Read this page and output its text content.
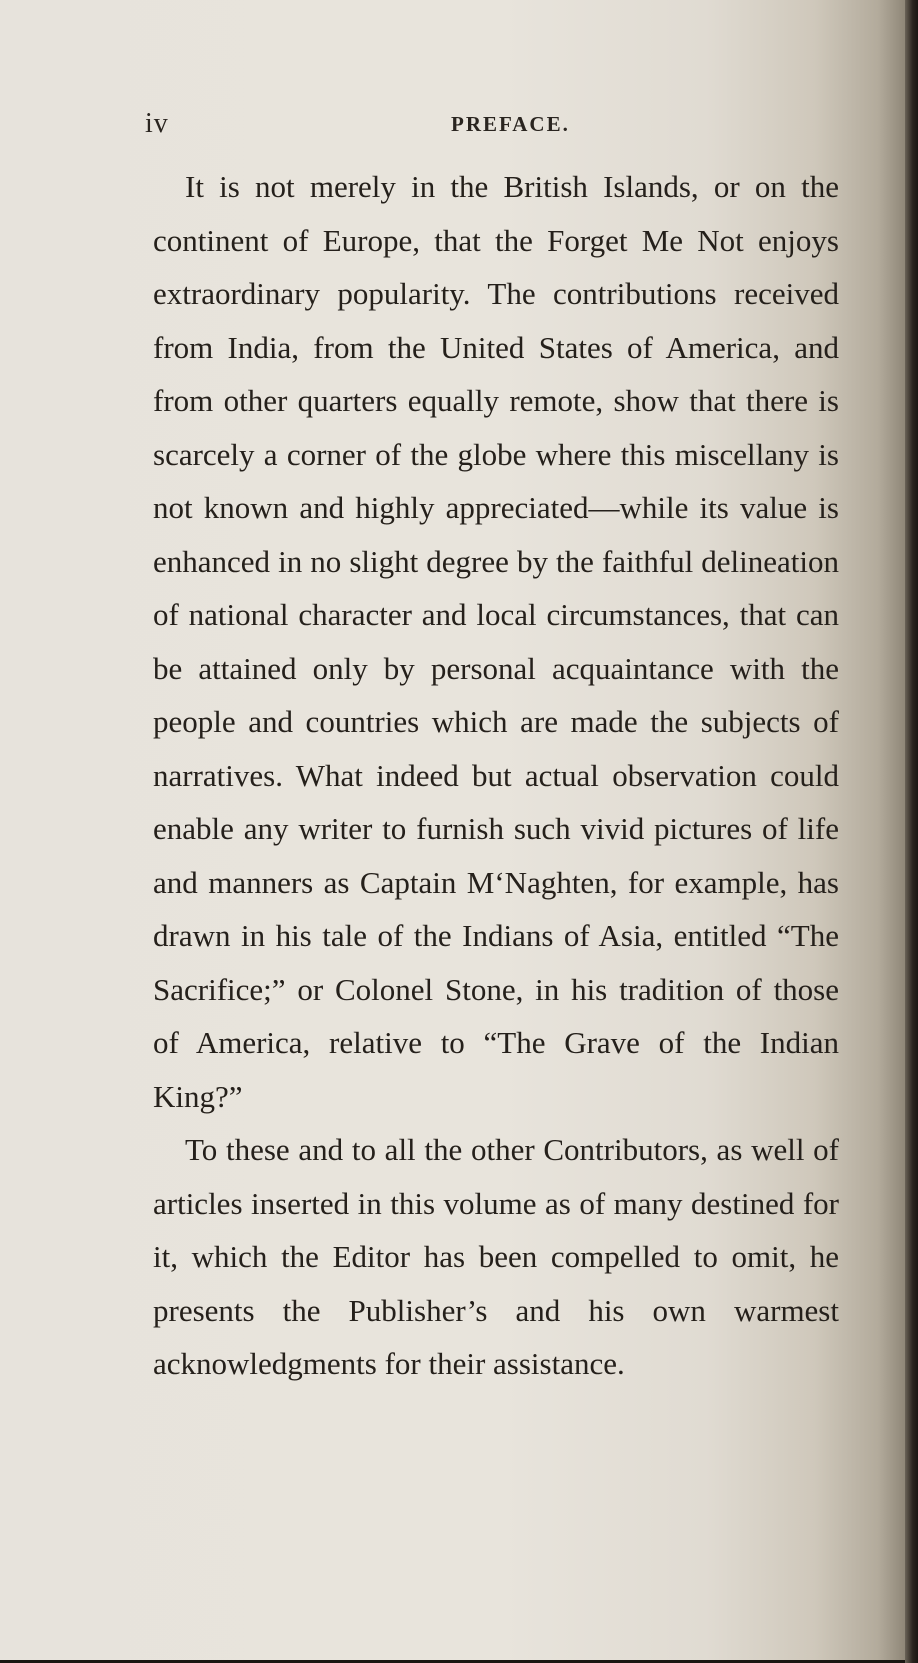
iv	PREFACE.

It is not merely in the British Islands, or on the continent of Europe, that the Forget Me Not enjoys extraordinary popularity. The contributions received from India, from the United States of America, and from other quarters equally remote, show that there is scarcely a corner of the globe where this miscellany is not known and highly appreciated—while its value is enhanced in no slight degree by the faithful delineation of national character and local circumstances, that can be attained only by personal acquaintance with the people and countries which are made the subjects of narratives. What indeed but actual observation could enable any writer to furnish such vivid pictures of life and manners as Captain M‘Naghten, for example, has drawn in his tale of the Indians of Asia, entitled “The Sacrifice;” or Colonel Stone, in his tradition of those of America, relative to “The Grave of the Indian King?”

To these and to all the other Contributors, as well of articles inserted in this volume as of many destined for it, which the Editor has been compelled to omit, he presents the Publisher’s and his own warmest acknowledgments for their assistance.
